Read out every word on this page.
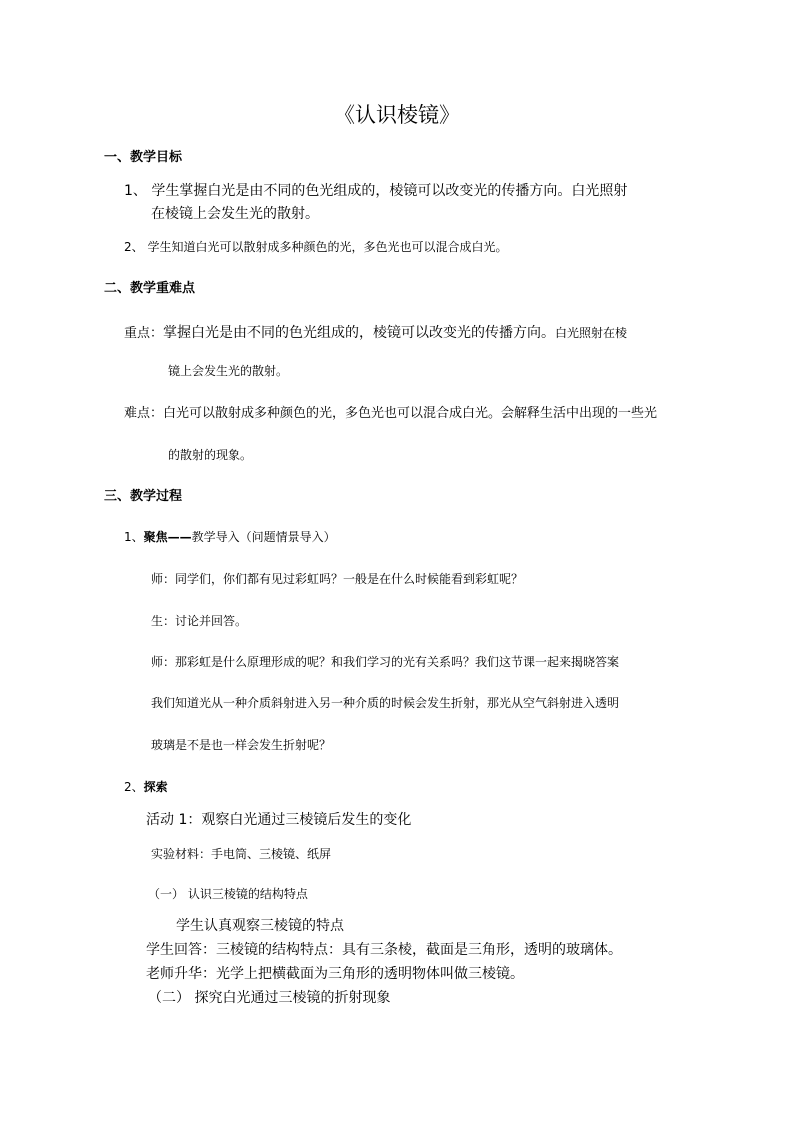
《认识棱镜》
一、教学目标
1、 学生掌握白光是由不同的色光组成的，棱镜可以改变光的传播方向。白光照射
在棱镜上会发生光的散射。
2、 学生知道白光可以散射成多种颜色的光，多色光也可以混合成白光。
二、教学重难点
重点：掌握白光是由不同的色光组成的，棱镜可以改变光的传播方向。白光照射在棱
镜上会发生光的散射。
难点：白光可以散射成多种颜色的光，多色光也可以混合成白光。会解释生活中出现的一些光
的散射的现象。
三、教学过程
1、聚焦——教学导入（问题情景导入）
师：同学们，你们都有见过彩虹吗？一般是在什么时候能看到彩虹呢？
生：讨论并回答。
师：那彩虹是什么原理形成的呢？和我们学习的光有关系吗？我们这节课一起来揭晓答案
我们知道光从一种介质斜射进入另一种介质的时候会发生折射，那光从空气斜射进入透明
玻璃是不是也一样会发生折射呢？
2、探索
活动 1：观察白光通过三棱镜后发生的变化
实验材料：手电筒、三棱镜、纸屏
（一） 认识三棱镜的结构特点
学生认真观察三棱镜的特点
学生回答：三棱镜的结构特点：具有三条棱，截面是三角形，透明的玻璃体。
老师升华：光学上把横截面为三角形的透明物体叫做三棱镜。
（二） 探究白光通过三棱镜的折射现象
